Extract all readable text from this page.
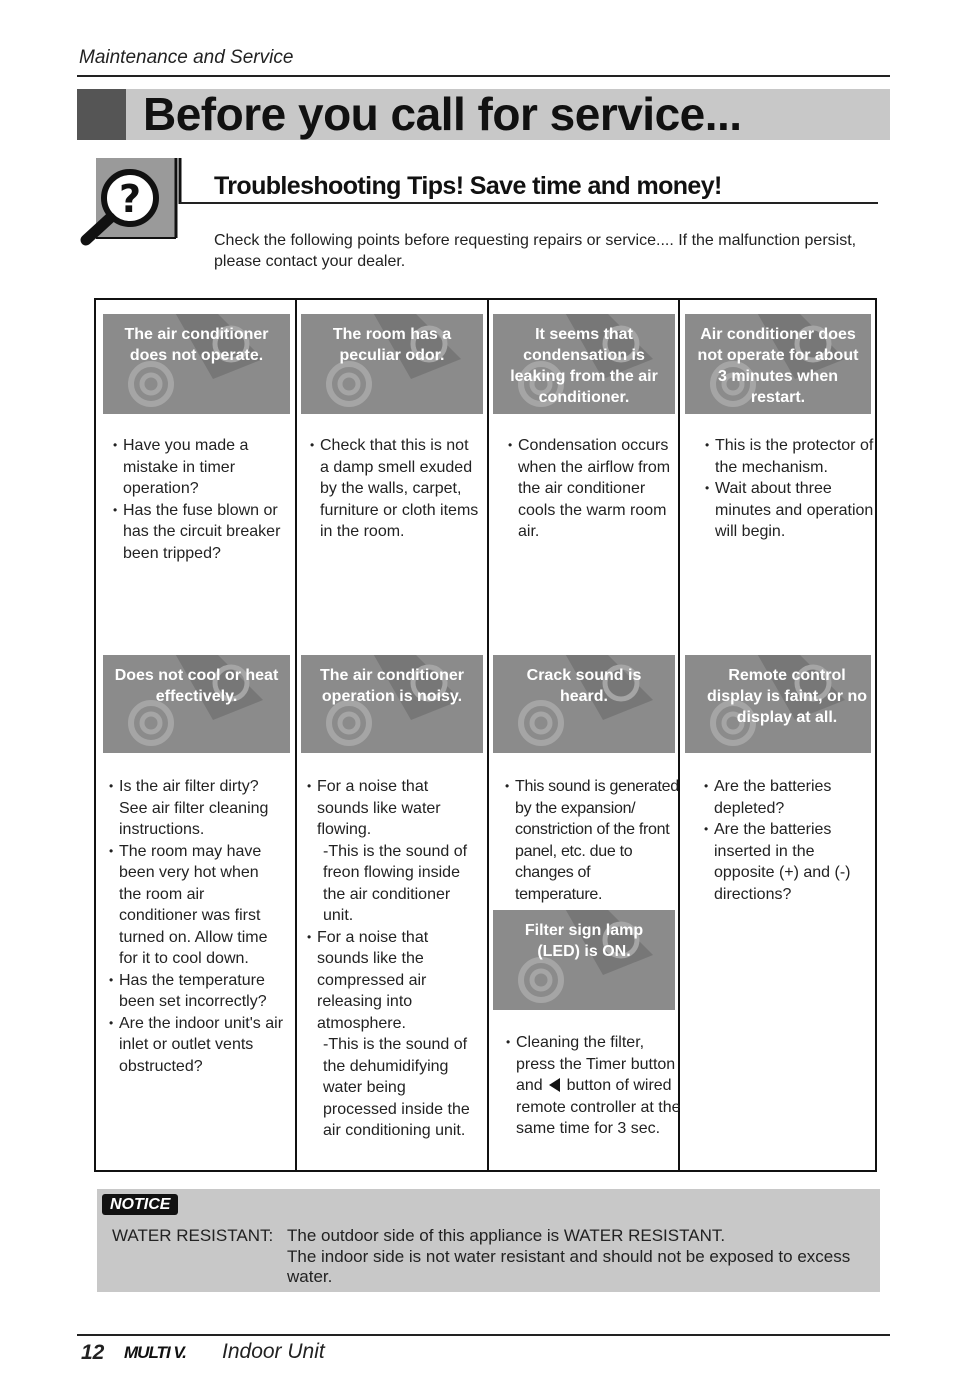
Maintenance and Service
Before you call for service...
?	Troubleshooting Tips! Save time and money!
Check the following points before requesting repairs or service.... If the malfunction persist, please contact your dealer.
The air conditioner does not operate.
The room has a peculiar odor.
It seems that condensation is leaking from the air conditioner.
Air conditioner does not operate for about 3 minutes when restart.
• Have you made a mistake in timer operation?
• Has the fuse blown or has the circuit breaker been tripped?
• Check that this is not a damp smell exuded by the walls, carpet, furniture or cloth items in the room.
• Condensation occurs when the airflow from the air conditioner cools the warm room air.
• This is the protector of the mechanism.
• Wait about three minutes and operation will begin.
Does not cool or heat effectively.
The air conditioner operation is noisy.
Crack sound is heard.
Remote control display is faint, or no display at all.
• Is the air filter dirty? See air filter cleaning instructions.
• The room may have been very hot when the room air conditioner was first turned on. Allow time for it to cool down.
• Has the temperature been set incorrectly?
• Are the indoor unit's air inlet or outlet vents obstructed?
• For a noise that sounds like water flowing.
-This is the sound of freon flowing inside the air conditioner unit.
• For a noise that sounds like the compressed air releasing into atmosphere.
-This is the sound of the dehumidifying water being processed inside the air conditioning unit.
• This sound is generated by the expansion/ constriction of the front panel, etc. due to changes of temperature.
• Are the batteries depleted?
• Are the batteries inserted in the opposite (+) and (-) directions?
Filter sign lamp (LED) is ON.
• Cleaning the filter, press the Timer button and button of wired remote controller at the same time for 3 sec.
NOTICE
WATER RESISTANT: The outdoor side of this appliance is WATER RESISTANT.
The indoor side is not water resistant and should not be exposed to excess water.
12 MULTI V. Indoor Unit
